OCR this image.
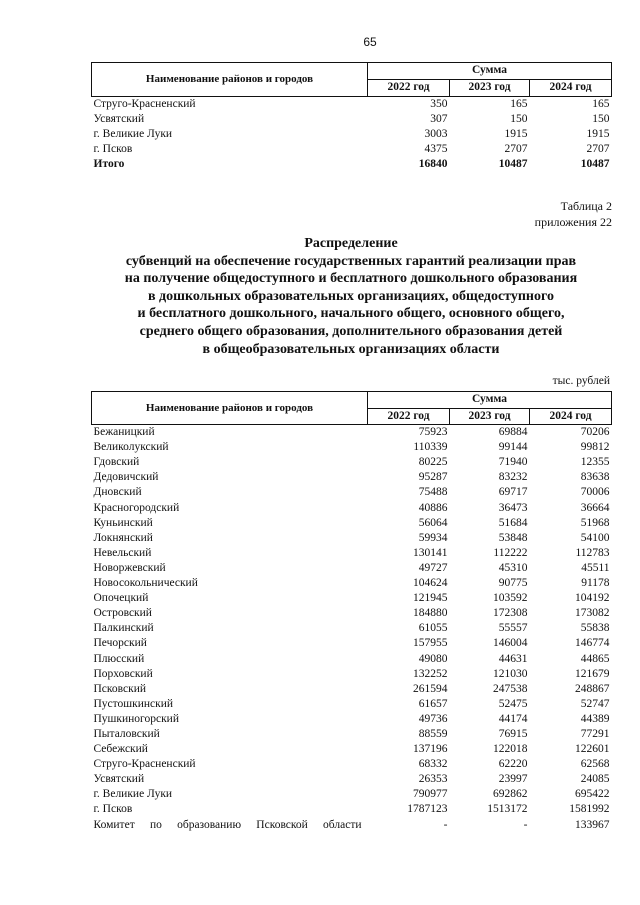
65
Наименование районов и городов	Сумма		
	2022 год	2023 год	2024 год
Струго-Красненский	350	165	165
Усвятский	307	150	150
г. Великие Луки	3003	1915	1915
г. Псков	4375	2707	2707
Итого	16840	10487	10487
Таблица 2
приложения 22
Распределение
субвенций на обеспечение государственных гарантий реализации прав
на получение общедоступного и бесплатного дошкольного образования
в дошкольных образовательных организациях, общедоступного
и бесплатного дошкольного, начального общего, основного общего,
среднего общего образования, дополнительного образования детей
в общеобразовательных организациях области
тыс. рублей
Наименование районов и городов	Сумма		
	2022 год	2023 год	2024 год
Бежаницкий	75923	69884	70206
Великолукский	110339	99144	99812
Гдовский	80225	71940	12355
Дедовичский	95287	83232	83638
Дновский	75488	69717	70006
Красногородский	40886	36473	36664
Куньинский	56064	51684	51968
Локнянский	59934	53848	54100
Невельский	130141	112222	112783
Новоржевский	49727	45310	45511
Новосокольнический	104624	90775	91178
Опочецкий	121945	103592	104192
Островский	184880	172308	173082
Палкинский	61055	55557	55838
Печорский	157955	146004	146774
Плюсский	49080	44631	44865
Порховский	132252	121030	121679
Псковский	261594	247538	248867
Пустошкинский	61657	52475	52747
Пушкиногорский	49736	44174	44389
Пыталовский	88559	76915	77291
Себежский	137196	122018	122601
Струго-Красненский	68332	62220	62568
Усвятский	26353	23997	24085
г. Великие Луки	790977	692862	695422
г. Псков	1787123	1513172	1581992
Комитет по образованию Псковской области	-	-	133967
